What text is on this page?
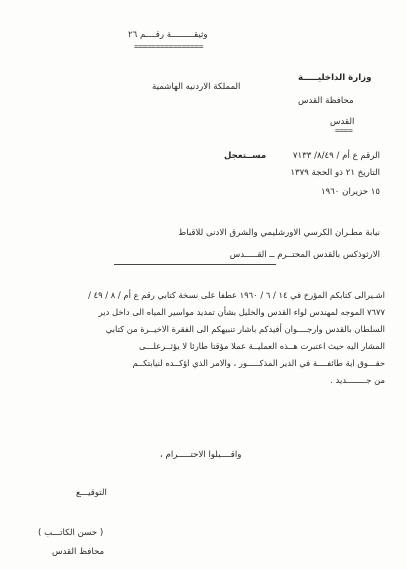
وثيقـــــــــة رقــــم ٢٦
================
وزارة الداخليـــــة
المملكة الاردنيه الهاشمية
محافظة القدس
القدس
====
مســتعجل	الرقم ع أم / ٨/٤٩/ ٧١٣٣
التاريخ ٢١ ذو الحجة ١٣٧٩
١٥ حزيران ١٩٦٠
نيابة مطـران الكرسي الاورشليمي والشرق الادنى للاقباط
الارثوذكس بالقدس المحتــرم ــ القـــــدس
اشـيرالى كتابكم المؤرخ في ١٤ / ٦ / ١٩٦٠ عطفا على نسخة كتابي رقم ع أم / ٨ / ٤٩ /
٧٦٧٧ الموجه لمهندس لواء القدس والخليل بشأن تمديد مواسير المياه الى داخل دير
السلطان بالقدس وارجــــوان أفيدكم باشار تنبيهكم الى الفقرة الاخيــرة من كتابي
المشار اليه حيث اعتبرت هــذه العمليــة عملا مؤقتا طارئا لا يؤثــرعلـــى
حقـــوق اية طائفــــة في الدير المذكـــــور ، والامر الذي اؤكــده لنيابتكــم
من جــــــــديد .
واقــــبلوا الاحتـــــرام ،
التوقيـــع
( حسن الكاتـــب )
محافظ القدس
